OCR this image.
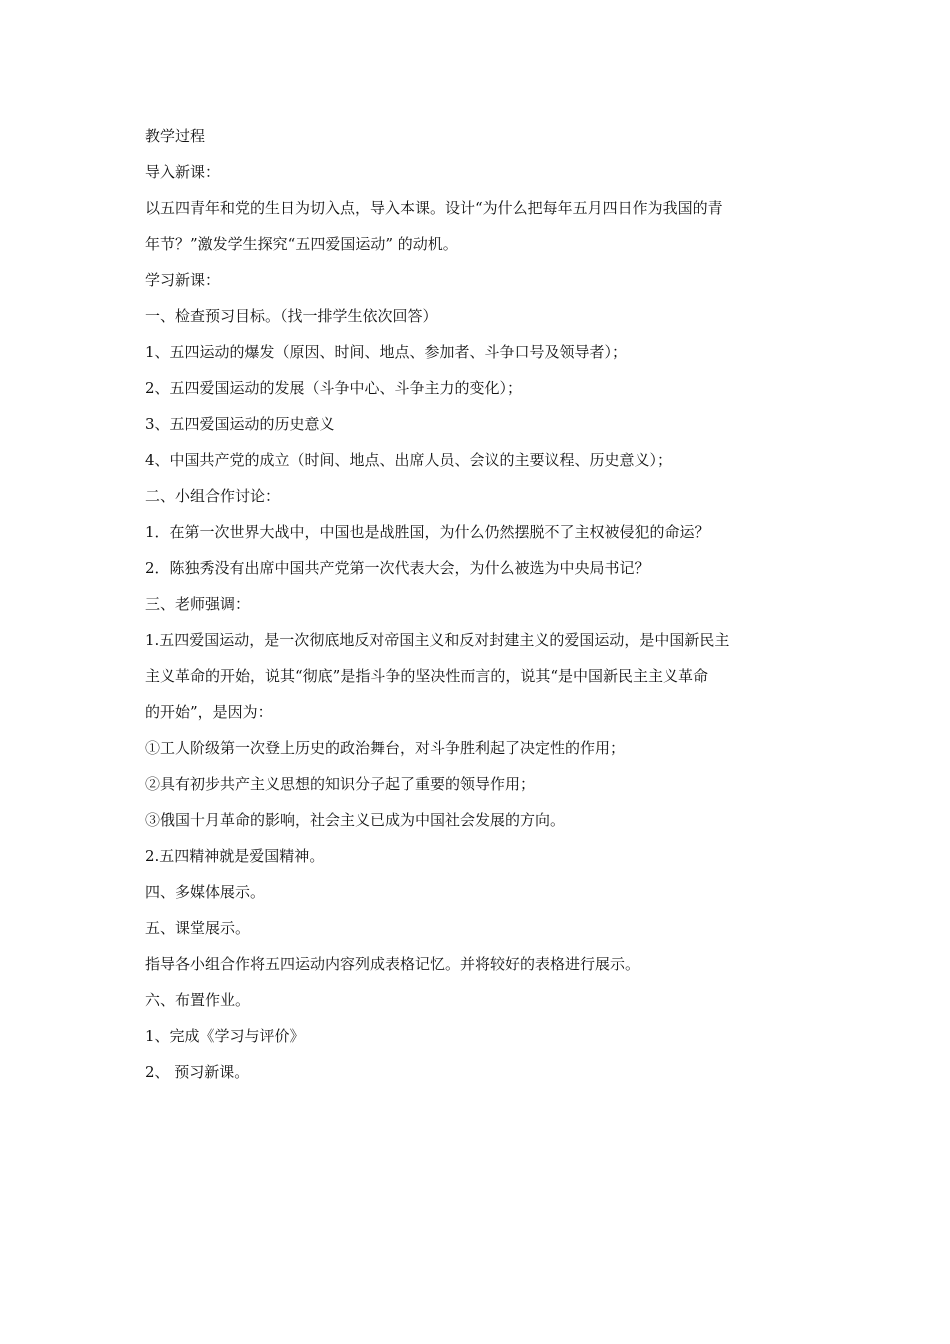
教学过程
导入新课：
以五四青年和党的生日为切入点，导入本课。设计“为什么把每年五月四日作为我国的青
年节？”激发学生探究“五四爱国运动” 的动机。
学习新课：
一、检查预习目标。（找一排学生依次回答）
1、五四运动的爆发（原因、时间、地点、参加者、斗争口号及领导者）；
2、五四爱国运动的发展（斗争中心、斗争主力的变化）；
3、五四爱国运动的历史意义
4、中国共产党的成立（时间、地点、出席人员、会议的主要议程、历史意义）；
二、小组合作讨论：
1．在第一次世界大战中，中国也是战胜国，为什么仍然摆脱不了主权被侵犯的命运？
2．陈独秀没有出席中国共产党第一次代表大会，为什么被选为中央局书记？
三、老师强调：
1.五四爱国运动，是一次彻底地反对帝国主义和反对封建主义的爱国运动，是中国新民主
主义革命的开始，说其“彻底”是指斗争的坚决性而言的，说其“是中国新民主主义革命
的开始”，是因为：
①工人阶级第一次登上历史的政治舞台，对斗争胜利起了决定性的作用；
②具有初步共产主义思想的知识分子起了重要的领导作用；
③俄国十月革命的影响，社会主义已成为中国社会发展的方向。
2.五四精神就是爱国精神。
四、多媒体展示。
五、课堂展示。
指导各小组合作将五四运动内容列成表格记忆。并将较好的表格进行展示。
六、布置作业。
1、完成《学习与评价》
2、 预习新课。
